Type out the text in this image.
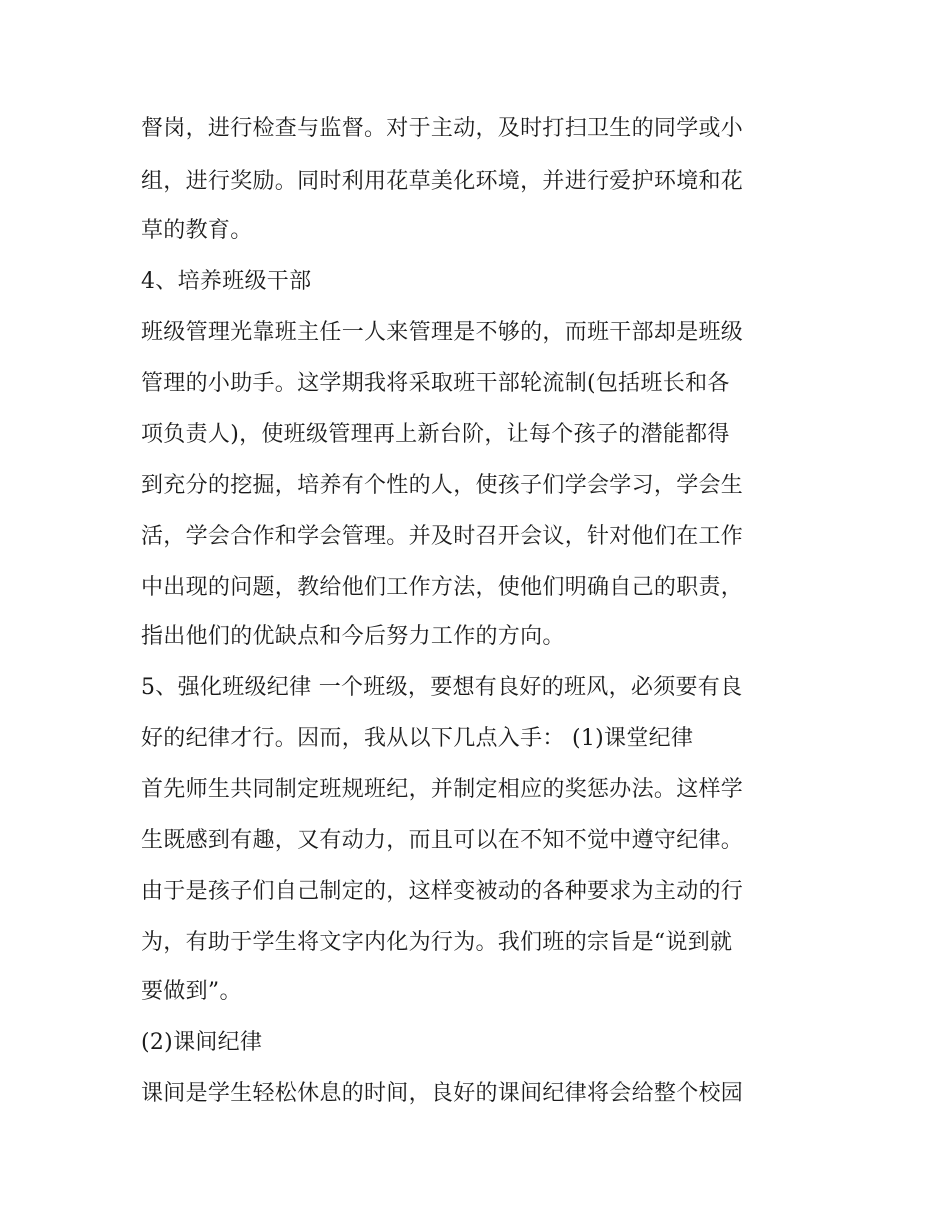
督岗，进行检查与监督。对于主动，及时打扫卫生的同学或小
组，进行奖励。同时利用花草美化环境，并进行爱护环境和花
草的教育。
4、培养班级干部
班级管理光靠班主任一人来管理是不够的，而班干部却是班级
管理的小助手。这学期我将采取班干部轮流制(包括班长和各
项负责人)，使班级管理再上新台阶，让每个孩子的潜能都得
到充分的挖掘，培养有个性的人，使孩子们学会学习，学会生
活，学会合作和学会管理。并及时召开会议，针对他们在工作
中出现的问题，教给他们工作方法，使他们明确自己的职责，
指出他们的优缺点和今后努力工作的方向。
5、强化班级纪律 一个班级，要想有良好的班风，必须要有良
好的纪律才行。因而，我从以下几点入手： (1)课堂纪律
首先师生共同制定班规班纪，并制定相应的奖惩办法。这样学
生既感到有趣，又有动力，而且可以在不知不觉中遵守纪律。
由于是孩子们自己制定的，这样变被动的各种要求为主动的行
为，有助于学生将文字内化为行为。我们班的宗旨是“说到就
要做到”。
(2)课间纪律
课间是学生轻松休息的时间，良好的课间纪律将会给整个校园
